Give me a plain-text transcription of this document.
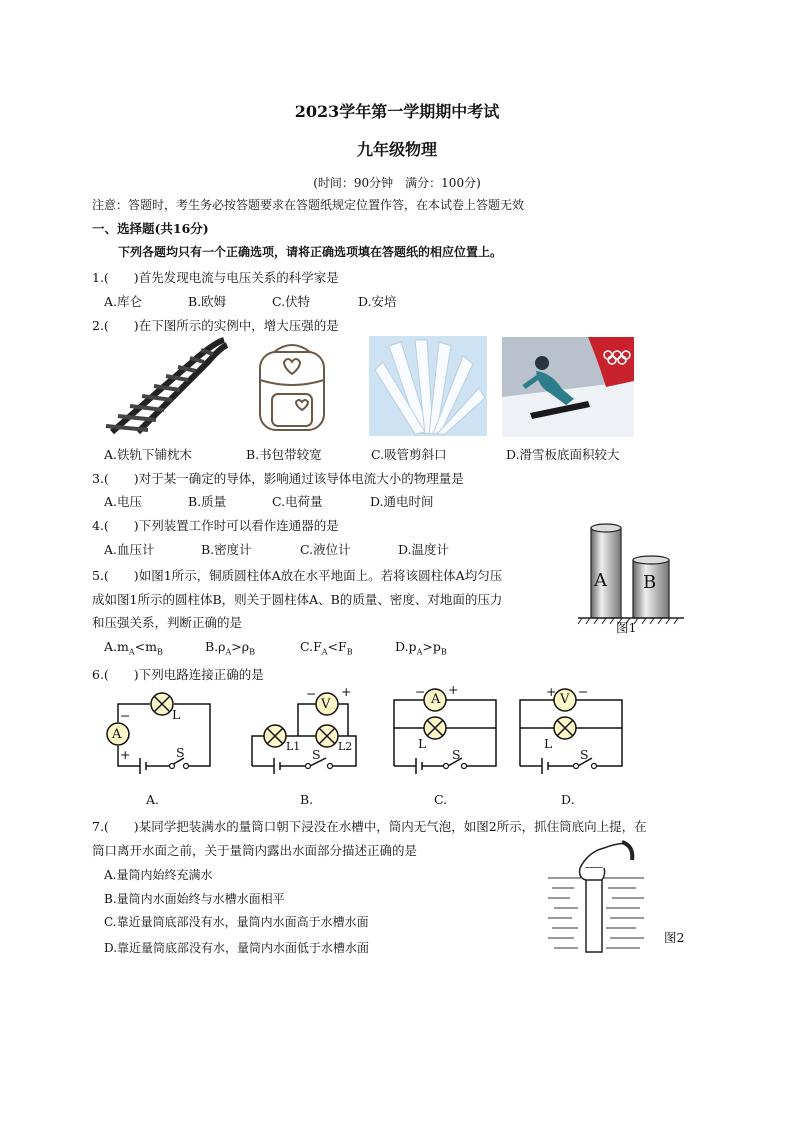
2023学年第一学期期中考试
九年级物理
(时间：90分钟　满分：100分)
注意：答题时，考生务必按答题要求在答题纸规定位置作答，在本试卷上答题无效
一、选择题(共16分)
下列各题均只有一个正确选项，请将正确选项填在答题纸的相应位置上。
1.(　　)首先发现电流与电压关系的科学家是
A.库仑	B.欧姆	C.伏特	D.安培
2.(　　)在下图所示的实例中，增大压强的是
A.铁轨下铺枕木	B.书包带较宽	C.吸管剪斜口	D.滑雪板底面积较大
3.(　　)对于某一确定的导体，影响通过该导体电流大小的物理量是
A.电压	B.质量	C.电荷量	D.通电时间
4.(　　)下列装置工作时可以看作连通器的是
A.血压计	B.密度计	C.液位计	D.温度计
5.(　　)如图1所示，铜质圆柱体A放在水平地面上。若将该圆柱体A均匀压
成如图1所示的圆柱体B，则关于圆柱体A、B的质量、密度、对地面的压力
和压强关系，判断正确的是
$A.m_A<m_B$	$B.\rho_A>\rho_B$	$C.F_A<F_B$	$D.p_A>p_B$
A B
图1
6.(　　)下列电路连接正确的是
A
−
+
L
S
V
− +
L1	L2
S
A
− +
L
S
V
+ −
L
S
A.	B.	C.	D.
7.(　　)某同学把装满水的量筒口朝下浸没在水槽中，筒内无气泡，如图2所示，抓住筒底向上提，在
筒口离开水面之前，关于量筒内露出水面部分描述正确的是
A.量筒内始终充满水
B.量筒内水面始终与水槽水面相平
C.靠近量筒底部没有水，量筒内水面高于水槽水面
D.靠近量筒底部没有水，量筒内水面低于水槽水面
图2
